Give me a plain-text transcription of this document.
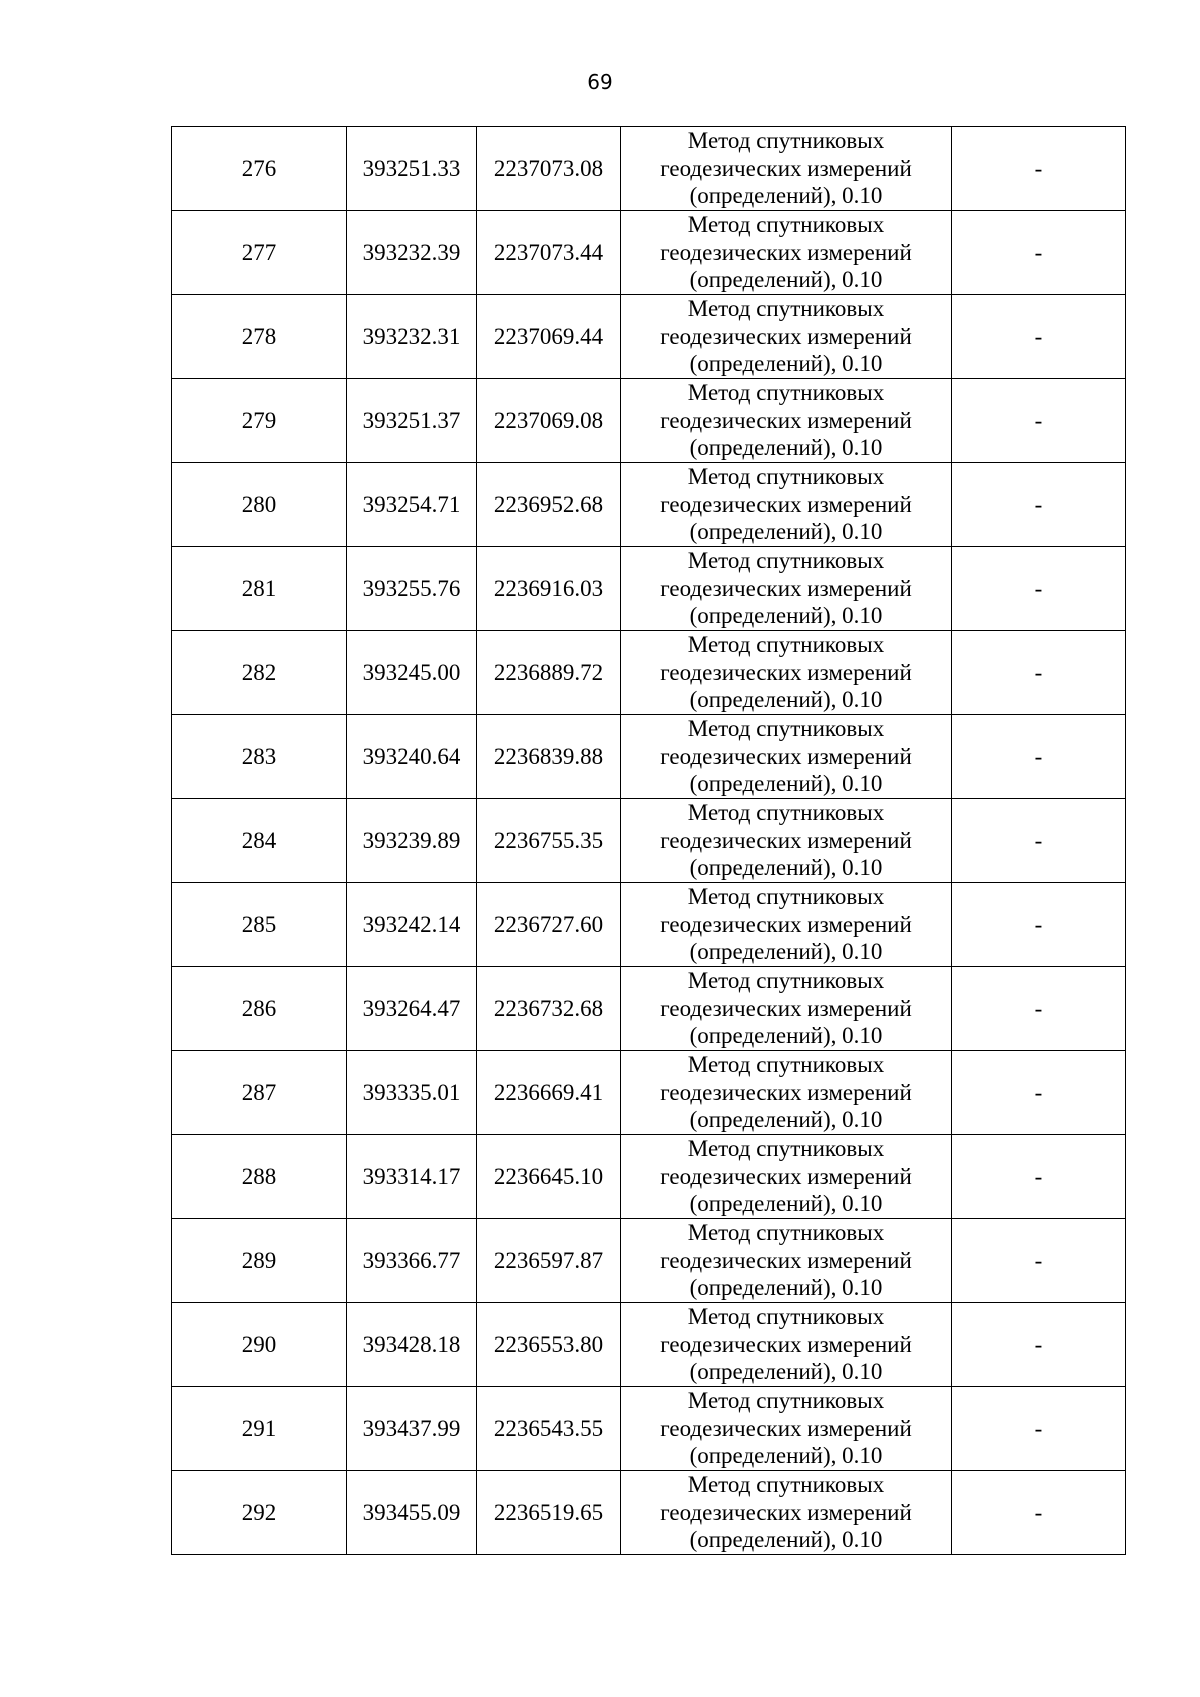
69
276	393251.33	2237073.08	Метод спутниковых
геодезических измерений
(определений), 0.10	-
277	393232.39	2237073.44	Метод спутниковых
геодезических измерений
(определений), 0.10	-
278	393232.31	2237069.44	Метод спутниковых
геодезических измерений
(определений), 0.10	-
279	393251.37	2237069.08	Метод спутниковых
геодезических измерений
(определений), 0.10	-
280	393254.71	2236952.68	Метод спутниковых
геодезических измерений
(определений), 0.10	-
281	393255.76	2236916.03	Метод спутниковых
геодезических измерений
(определений), 0.10	-
282	393245.00	2236889.72	Метод спутниковых
геодезических измерений
(определений), 0.10	-
283	393240.64	2236839.88	Метод спутниковых
геодезических измерений
(определений), 0.10	-
284	393239.89	2236755.35	Метод спутниковых
геодезических измерений
(определений), 0.10	-
285	393242.14	2236727.60	Метод спутниковых
геодезических измерений
(определений), 0.10	-
286	393264.47	2236732.68	Метод спутниковых
геодезических измерений
(определений), 0.10	-
287	393335.01	2236669.41	Метод спутниковых
геодезических измерений
(определений), 0.10	-
288	393314.17	2236645.10	Метод спутниковых
геодезических измерений
(определений), 0.10	-
289	393366.77	2236597.87	Метод спутниковых
геодезических измерений
(определений), 0.10	-
290	393428.18	2236553.80	Метод спутниковых
геодезических измерений
(определений), 0.10	-
291	393437.99	2236543.55	Метод спутниковых
геодезических измерений
(определений), 0.10	-
292	393455.09	2236519.65	Метод спутниковых
геодезических измерений
(определений), 0.10	-
